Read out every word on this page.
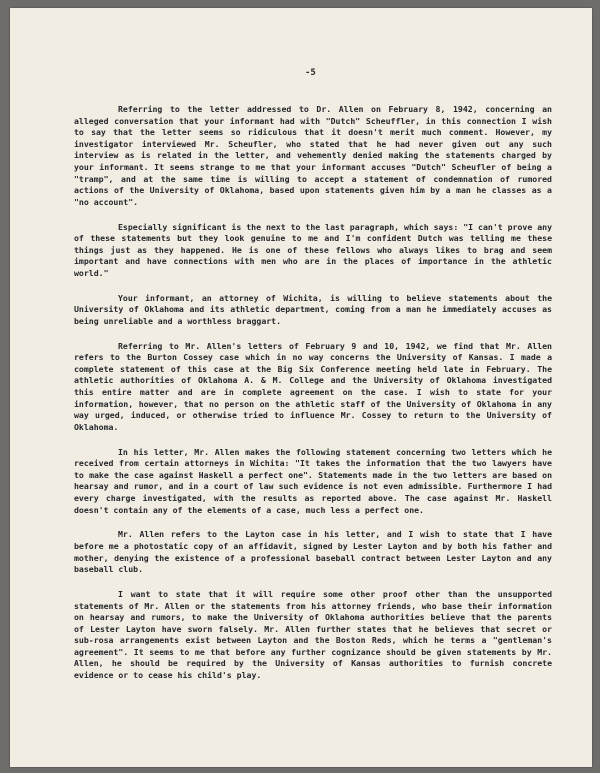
-5

Referring to the letter addressed to Dr. Allen on February 8, 1942, concerning an alleged conversation that your informant had with "Dutch" Scheuffler, in this connection I wish to say that the letter seems so ridiculous that it doesn't merit much comment. However, my investigator interviewed Mr. Scheufler, who stated that he had never given out any such interview as is related in the letter, and vehemently denied making the statements charged by your informant. It seems strange to me that your informant accuses "Dutch" Scheufler of being a "tramp", and at the same time is willing to accept a statement of condemnation of rumored actions of the University of Oklahoma, based upon statements given him by a man he classes as a "no account".

Especially significant is the next to the last paragraph, which says: "I can't prove any of these statements but they look genuine to me and I'm confident Dutch was telling me these things just as they happened. He is one of these fellows who always likes to brag and seem important and have connections with men who are in the places of importance in the athletic world."

Your informant, an attorney of Wichita, is willing to believe statements about the University of Oklahoma and its athletic department, coming from a man he immediately accuses as being unreliable and a worthless braggart.

Referring to Mr. Allen's letters of February 9 and 10, 1942, we find that Mr. Allen refers to the Burton Cossey case which in no way concerns the University of Kansas. I made a complete statement of this case at the Big Six Conference meeting held late in February. The athletic authorities of Oklahoma A. & M. College and the University of Oklahoma investigated this entire matter and are in complete agreement on the case. I wish to state for your information, however, that no person on the athletic staff of the University of Oklahoma in any way urged, induced, or otherwise tried to influence Mr. Cossey to return to the University of Oklahoma.

In his letter, Mr. Allen makes the following statement concerning two letters which he received from certain attorneys in Wichita: "It takes the information that the two lawyers have to make the case against Haskell a perfect one". Statements made in the two letters are based on hearsay and rumor, and in a court of law such evidence is not even admissible. Furthermore I had every charge investigated, with the results as reported above. The case against Mr. Haskell doesn't contain any of the elements of a case, much less a perfect one.

Mr. Allen refers to the Layton case in his letter, and I wish to state that I have before me a photostatic copy of an affidavit, signed by Lester Layton and by both his father and mother, denying the existence of a professional baseball contract between Lester Layton and any baseball club.

I want to state that it will require some other proof other than the unsupported statements of Mr. Allen or the statements from his attorney friends, who base their information on hearsay and rumors, to make the University of Oklahoma authorities believe that the parents of Lester Layton have sworn falsely. Mr. Allen further states that he believes that secret or sub-rosa arrangements exist between Layton and the Boston Reds, which he terms a "gentleman's agreement". It seems to me that before any further cognizance should be given statements by Mr. Allen, he should be required by the University of Kansas authorities to furnish concrete evidence or to cease his child's play.
